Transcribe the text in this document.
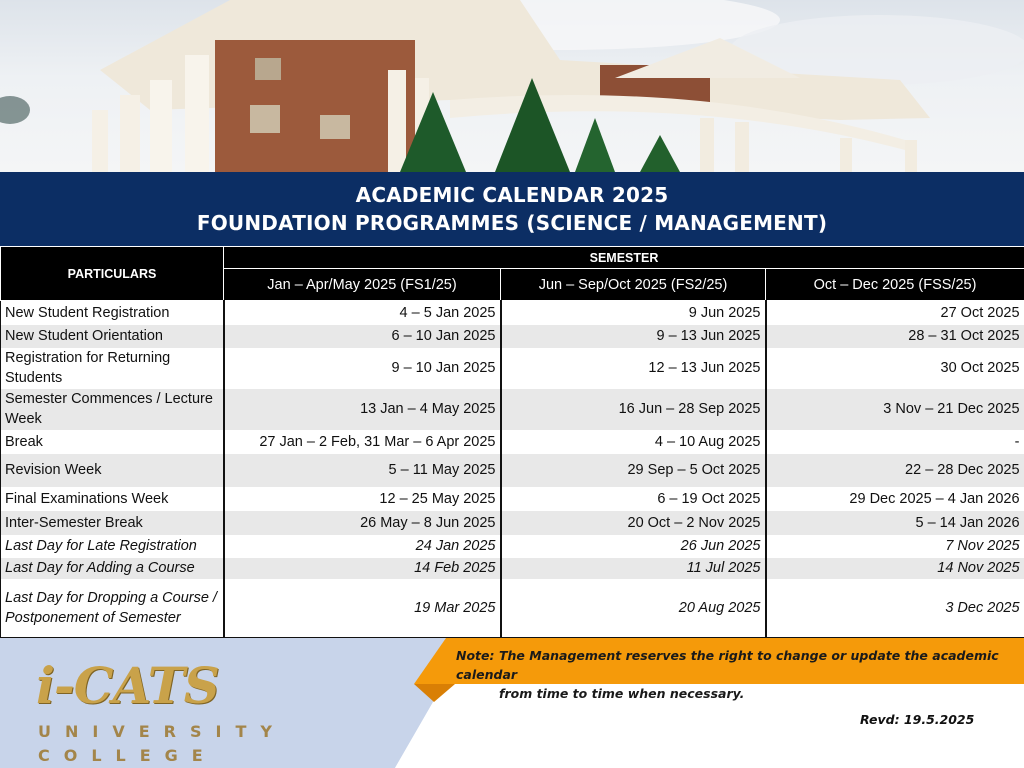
ACADEMIC CALENDAR 2025
FOUNDATION PROGRAMMES (SCIENCE / MANAGEMENT)
PARTICULARS	SEMESTER		
	Jan – Apr/May 2025 (FS1/25)	Jun – Sep/Oct 2025 (FS2/25)	Oct – Dec 2025 (FSS/25)
New Student Registration	4 – 5 Jan 2025	9 Jun 2025	27 Oct 2025
New Student Orientation	6 – 10 Jan 2025	9 – 13 Jun 2025	28 – 31 Oct 2025
Registration for Returning Students	9 – 10 Jan 2025	12 – 13 Jun 2025	30 Oct 2025
Semester Commences / Lecture Week	13 Jan – 4 May 2025	16 Jun – 28 Sep 2025	3 Nov – 21 Dec 2025
Break	27 Jan – 2 Feb, 31 Mar – 6 Apr 2025	4 – 10 Aug 2025	-
Revision Week	5 – 11 May 2025	29 Sep – 5 Oct 2025	22 – 28 Dec 2025
Final Examinations Week	12 – 25 May 2025	6 – 19 Oct 2025	29 Dec 2025 – 4 Jan 2026
Inter-Semester Break	26 May – 8 Jun 2025	20 Oct – 2 Nov 2025	5 – 14 Jan 2026
Last Day for Late Registration	24 Jan 2025	26 Jun 2025	7 Nov 2025
Last Day for Adding a Course	14 Feb 2025	11 Jul 2025	14 Nov 2025
Last Day for Dropping a Course / Postponement of Semester	19 Mar 2025	20 Aug 2025	3 Dec 2025
Note: The Management reserves the right to change or update the academic calendar
from time to time when necessary.
Revd: 19.5.2025
i-CATS
UNIVERSITY
COLLEGE
